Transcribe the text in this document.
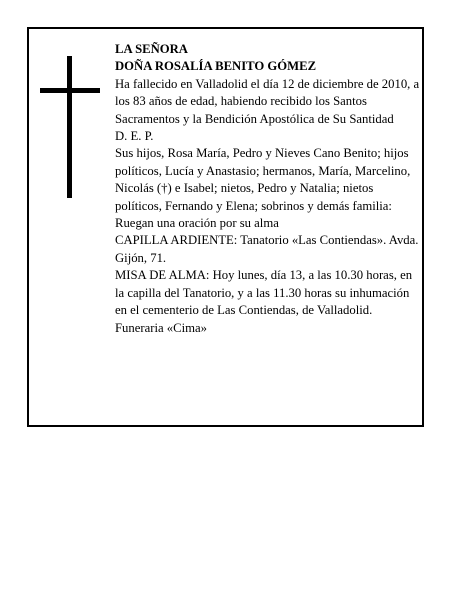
LA SEÑORA

DOÑA ROSALÍA BENITO GÓMEZ

Ha fallecido en Valladolid el día 12 de diciembre de 2010, a los 83 años de edad, habiendo recibido los Santos Sacramentos y la Bendición Apostólica de Su Santidad

D. E. P.

Sus hijos, Rosa María, Pedro y Nieves Cano Benito; hijos políticos, Lucía y Anastasio; hermanos, María, Marcelino, Nicolás (†) e Isabel; nietos, Pedro y Natalia; nietos políticos, Fernando y Elena; sobrinos y demás familia:

Ruegan una oración por su alma

CAPILLA ARDIENTE: Tanatorio «Las Contiendas». Avda. Gijón, 71.

MISA DE ALMA: Hoy lunes, día 13, a las 10.30 horas, en la capilla del Tanatorio, y a las 11.30 horas su inhumación en el cementerio de Las Contiendas, de Valladolid.

Funeraria «Cima»
